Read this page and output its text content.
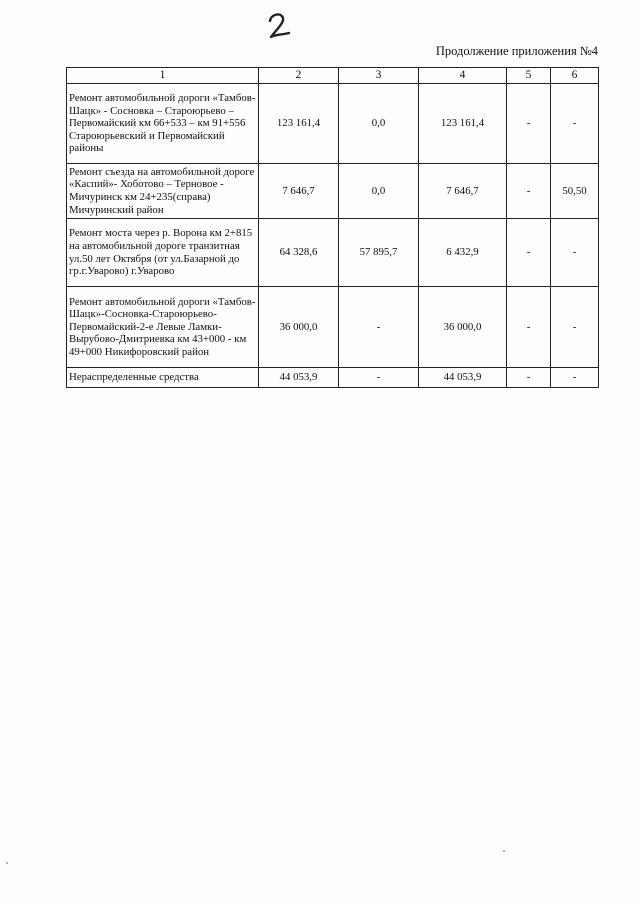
Продолжение приложения №4
1	2	3	4	5	6
Ремонт автомобильной дороги «Тамбов-Шацк» - Сосновка – Староюрьево – Первомайский км 66+533 – км 91+556 Староюрьевский и Первомайский районы	123 161,4	0,0	123 161,4	-	-
Ремонт съезда на автомобильной дороге «Каспий»- Хоботово – Терновое - Мичуринск км 24+235(справа) Мичуринский район	7 646,7	0,0	7 646,7	-	50,50
Ремонт моста через р. Ворона км 2+815 на автомобильной дороге транзитная ул.50 лет Октября (от ул.Базарной до гр.г.Уварово) г.Уварово	64 328,6	57 895,7	6 432,9	-	-
Ремонт автомобильной дороги «Тамбов-Шацк»-Сосновка-Староюрьево-Первомайский-2-е Левые Ламки-Вырубово-Дмитриевка км 43+000 - км 49+000 Никифоровский район	36 000,0	-	36 000,0	-	-
Нераспределенные средства	44 053,9	-	44 053,9	-	-
